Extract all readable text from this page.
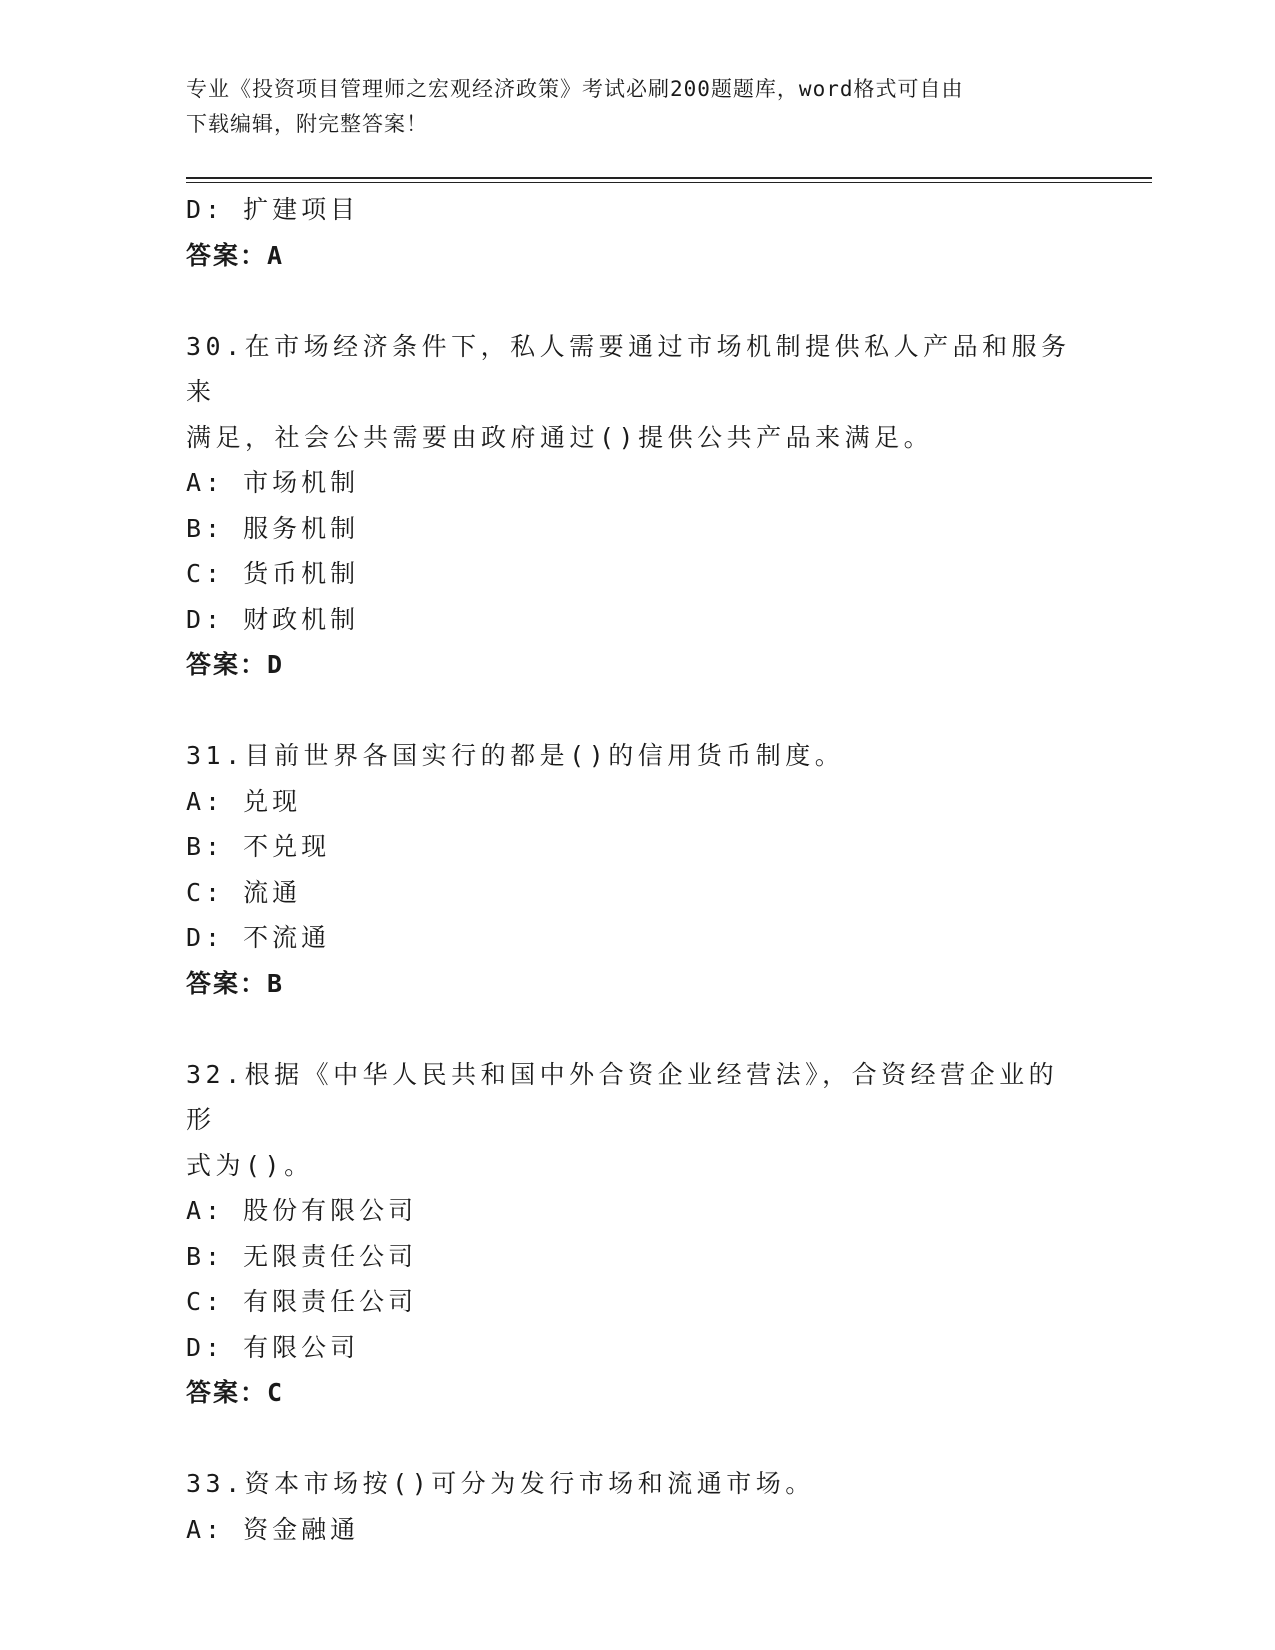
专业《投资项目管理师之宏观经济政策》考试必刷200题题库，word格式可自由
下载编辑，附完整答案！
D: 扩建项目
答案：A
30.在市场经济条件下，私人需要通过市场机制提供私人产品和服务来
满足，社会公共需要由政府通过()提供公共产品来满足。
A: 市场机制
B: 服务机制
C: 货币机制
D: 财政机制
答案：D
31.目前世界各国实行的都是()的信用货币制度。
A: 兑现
B: 不兑现
C: 流通
D: 不流通
答案：B
32.根据《中华人民共和国中外合资企业经营法》，合资经营企业的形
式为()。
A: 股份有限公司
B: 无限责任公司
C: 有限责任公司
D: 有限公司
答案：C
33.资本市场按()可分为发行市场和流通市场。
A: 资金融通
